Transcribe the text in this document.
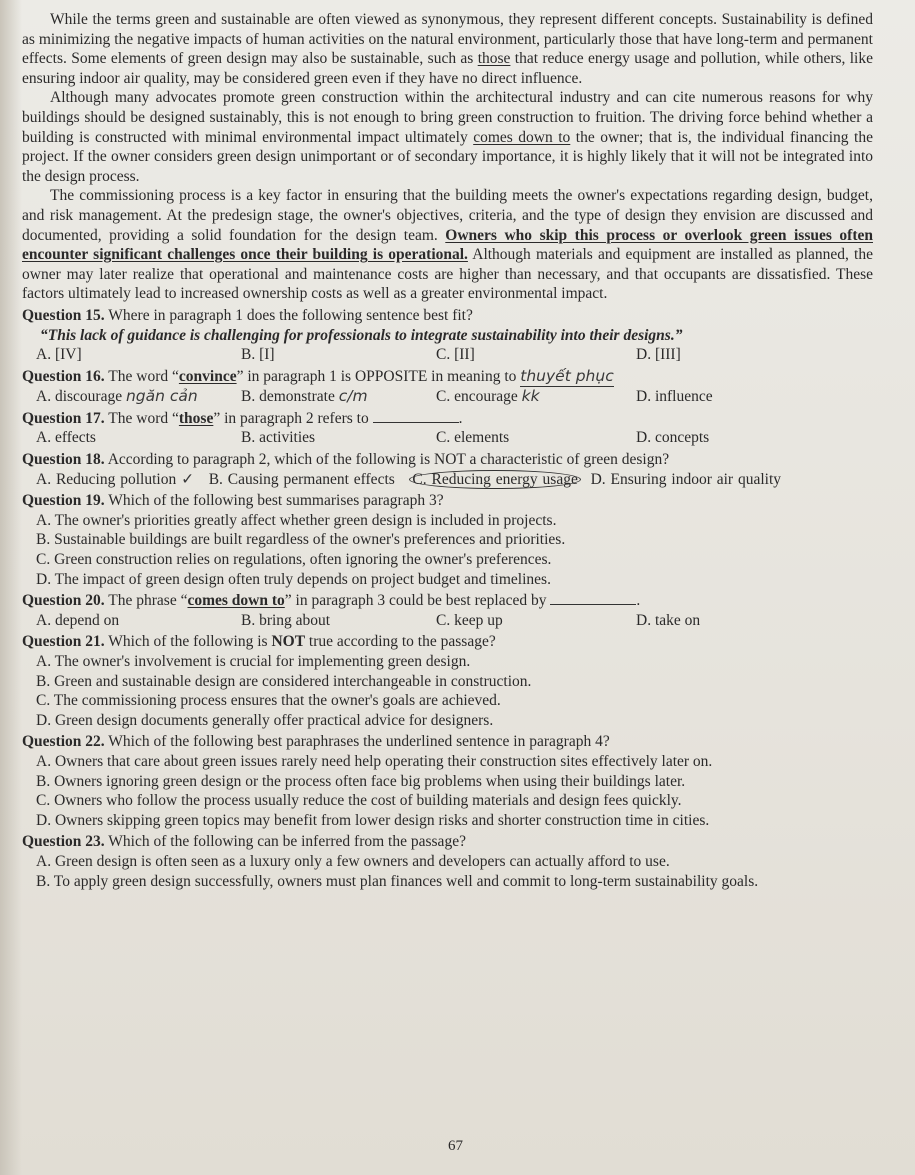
While the terms green and sustainable are often viewed as synonymous, they represent different concepts. Sustainability is defined as minimizing the negative impacts of human activities on the natural environment, particularly those that have long-term and permanent effects. Some elements of green design may also be sustainable, such as those that reduce energy usage and pollution, while others, like ensuring indoor air quality, may be considered green even if they have no direct influence.

Although many advocates promote green construction within the architectural industry and can cite numerous reasons for why buildings should be designed sustainably, this is not enough to bring green construction to fruition. The driving force behind whether a building is constructed with minimal environmental impact ultimately comes down to the owner; that is, the individual financing the project. If the owner considers green design unimportant or of secondary importance, it is highly likely that it will not be integrated into the design process.

The commissioning process is a key factor in ensuring that the building meets the owner's expectations regarding design, budget, and risk management. At the predesign stage, the owner's objectives, criteria, and the type of design they envision are discussed and documented, providing a solid foundation for the design team. Owners who skip this process or overlook green issues often encounter significant challenges once their building is operational. Although materials and equipment are installed as planned, the owner may later realize that operational and maintenance costs are higher than necessary, and that occupants are dissatisfied. These factors ultimately lead to increased ownership costs as well as a greater environmental impact.

Question 15. Where in paragraph 1 does the following sentence best fit?

“This lack of guidance is challenging for professionals to integrate sustainability into their designs.”

A. [IV]	B. [I]	C. [II]	D. [III]

Question 16. The word “convince” in paragraph 1 is OPPOSITE in meaning to thuyết phục

A. discourage ngăn cản	B. demonstrate c/m	C. encourage kk	D. influence

Question 17. The word “those” in paragraph 2 refers to	.

A. effects	B. activities	C. elements	D. concepts

Question 18. According to paragraph 2, which of the following is NOT a characteristic of green design?

A. Reducing pollution ✓ B. Causing permanent effects C. Reducing energy usage D. Ensuring indoor air quality

Question 19. Which of the following best summarises paragraph 3?

A. The owner's priorities greatly affect whether green design is included in projects.
B. Sustainable buildings are built regardless of the owner's preferences and priorities.
C. Green construction relies on regulations, often ignoring the owner's preferences.
D. The impact of green design often truly depends on project budget and timelines.

Question 20. The phrase “comes down to” in paragraph 3 could be best replaced by	.

A. depend on	B. bring about	C. keep up	D. take on

Question 21. Which of the following is NOT true according to the passage?

A. The owner's involvement is crucial for implementing green design.
B. Green and sustainable design are considered interchangeable in construction.
C. The commissioning process ensures that the owner's goals are achieved.
D. Green design documents generally offer practical advice for designers.

Question 22. Which of the following best paraphrases the underlined sentence in paragraph 4?

A. Owners that care about green issues rarely need help operating their construction sites effectively later on.
B. Owners ignoring green design or the process often face big problems when using their buildings later.
C. Owners who follow the process usually reduce the cost of building materials and design fees quickly.
D. Owners skipping green topics may benefit from lower design risks and shorter construction time in cities.

Question 23. Which of the following can be inferred from the passage?

A. Green design is often seen as a luxury only a few owners and developers can actually afford to use.
B. To apply green design successfully, owners must plan finances well and commit to long-term sustainability goals.
67
